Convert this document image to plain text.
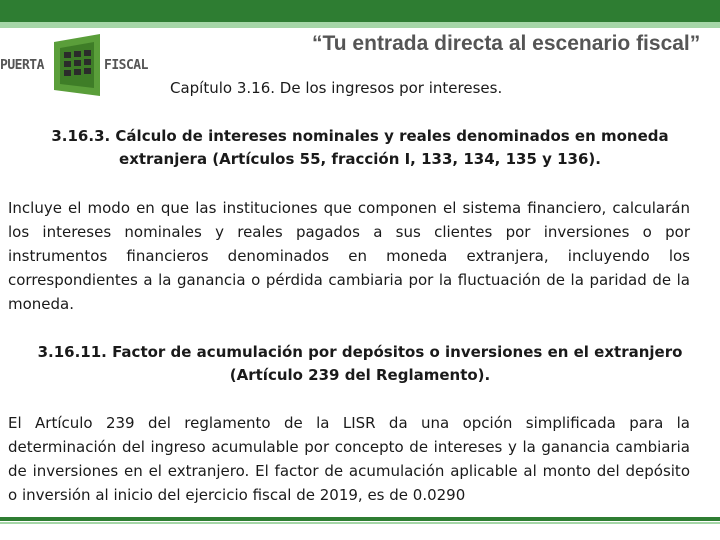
“Tu entrada directa al escenario fiscal”
PUERTA	FISCAL
Capítulo 3.16. De los ingresos por intereses.
3.16.3. Cálculo de intereses nominales y reales denominados en moneda extranjera (Artículos 55, fracción I, 133, 134, 135 y 136).
Incluye el modo en que las instituciones que componen el sistema financiero, calcularán los intereses nominales y reales pagados a sus clientes por inversiones o por instrumentos financieros denominados en moneda extranjera, incluyendo los correspondientes a la ganancia o pérdida cambiaria por la fluctuación de la paridad de la moneda.
3.16.11. Factor de acumulación por depósitos o inversiones en el extranjero (Artículo 239 del Reglamento).
El Artículo 239 del reglamento de la LISR da una opción simplificada para la determinación del ingreso acumulable por concepto de intereses y la ganancia cambiaria de inversiones en el extranjero. El factor de acumulación aplicable al monto del depósito o inversión al inicio del ejercicio fiscal de 2019, es de 0.0290
